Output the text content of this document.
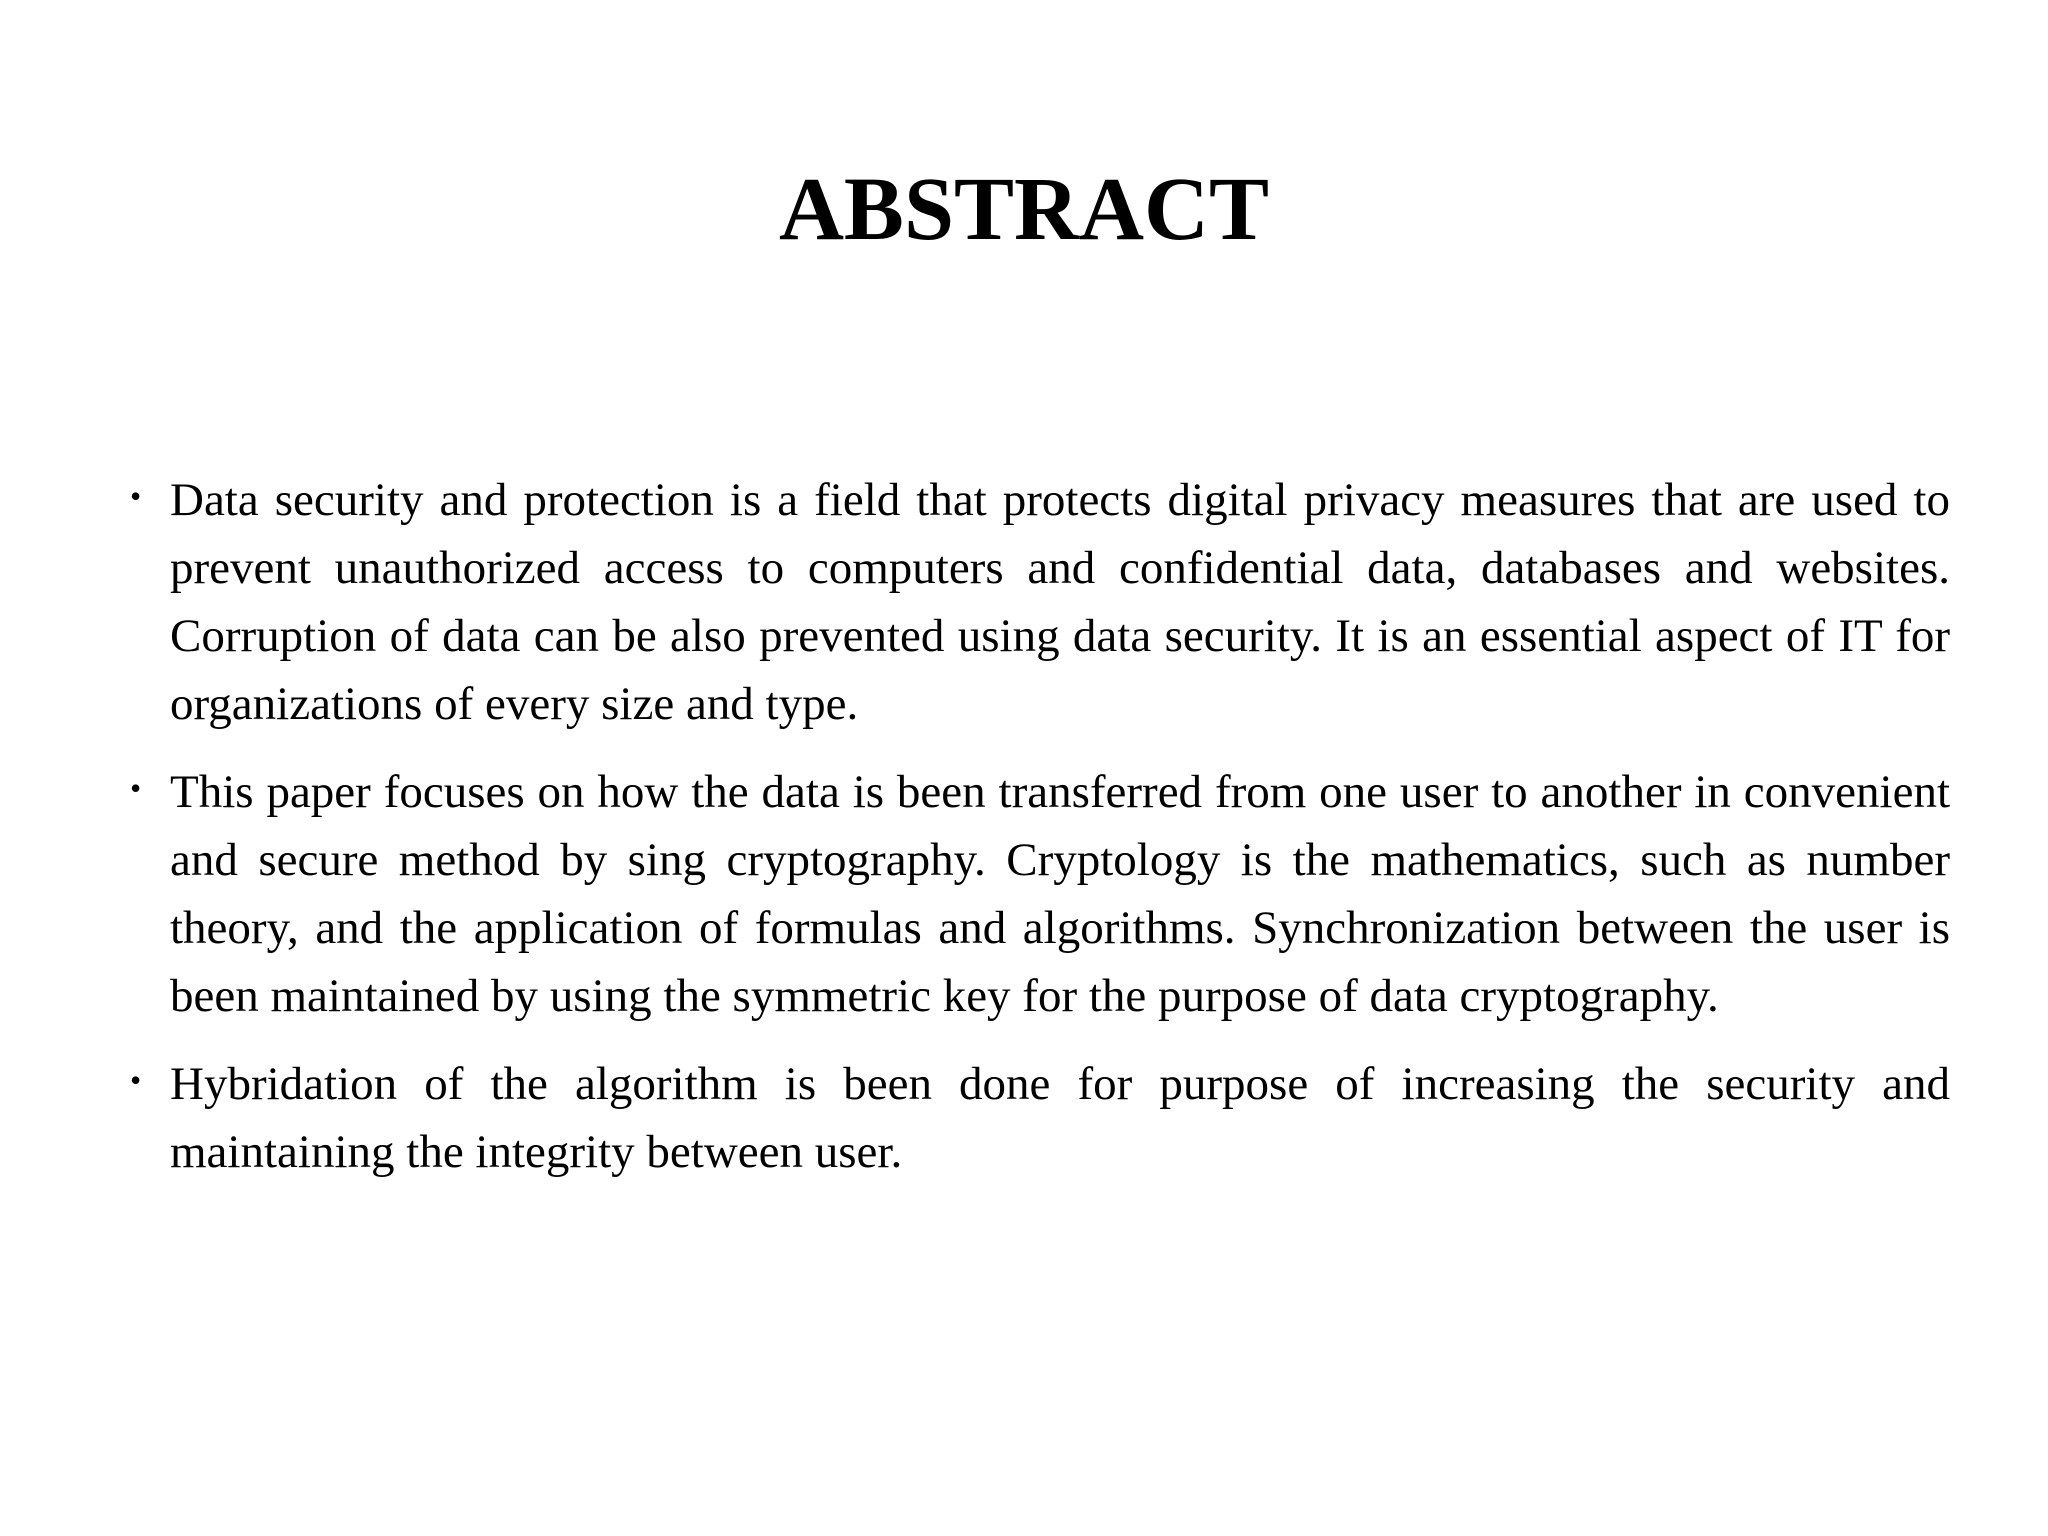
ABSTRACT
• Data security and protection is a field that protects digital privacy measures that are used to prevent unauthorized access to computers and confidential data, databases and websites. Corruption of data can be also prevented using data security. It is an essential aspect of IT for organizations of every size and type.
• This paper focuses on how the data is been transferred from one user to another in convenient and secure method by sing cryptography. Cryptology is the mathematics, such as number theory, and the application of formulas and algorithms. Synchronization between the user is been maintained by using the symmetric key for the purpose of data cryptography.
• Hybridation of the algorithm is been done for purpose of increasing the security and maintaining the integrity between user.
